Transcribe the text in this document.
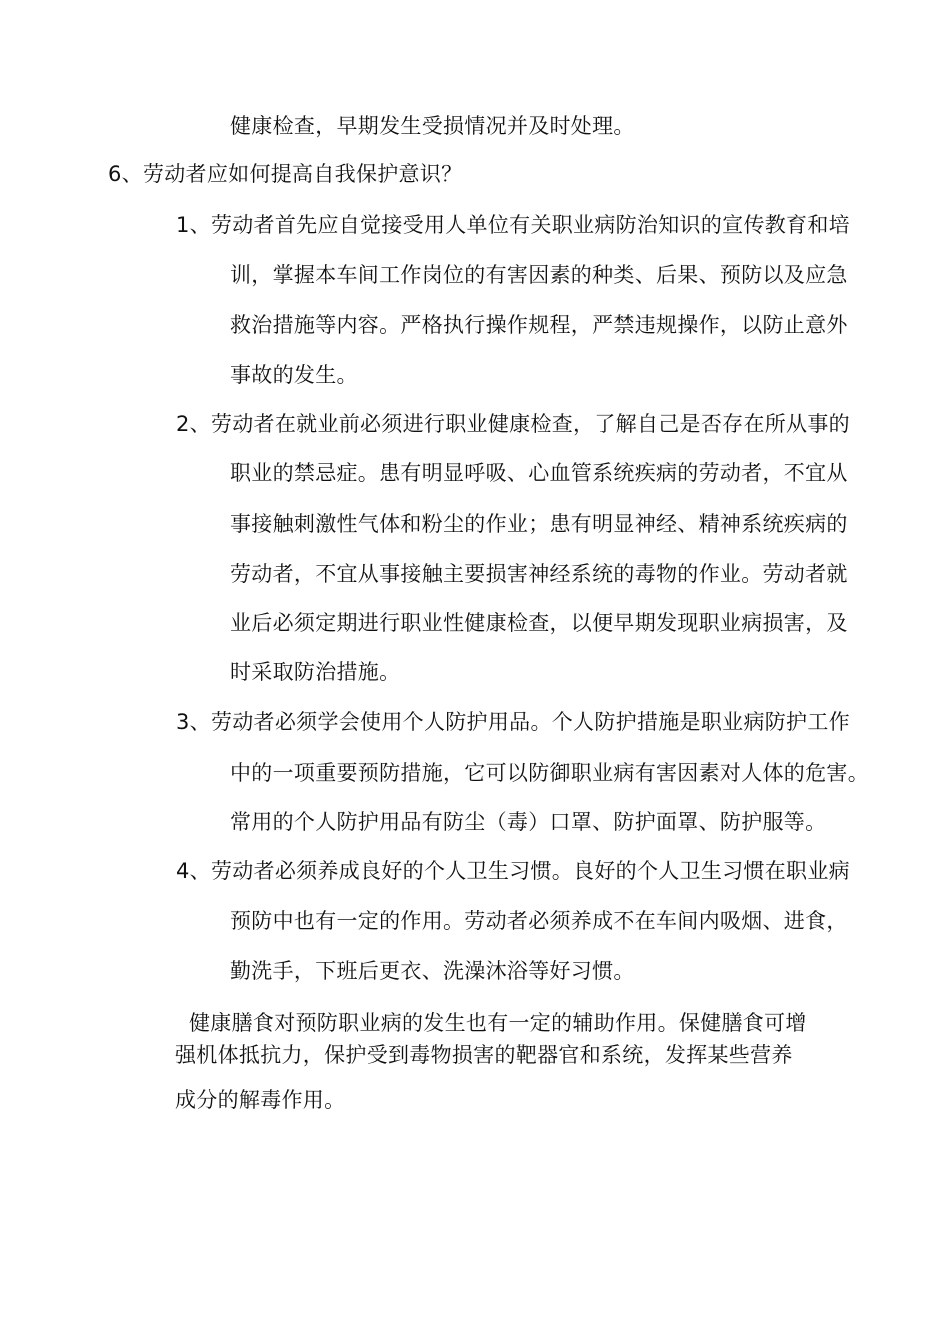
健康检查，早期发生受损情况并及时处理。
6、劳动者应如何提高自我保护意识？
1、劳动者首先应自觉接受用人单位有关职业病防治知识的宣传教育和培
训，掌握本车间工作岗位的有害因素的种类、后果、预防以及应急
救治措施等内容。严格执行操作规程，严禁违规操作，以防止意外
事故的发生。
2、劳动者在就业前必须进行职业健康检查，了解自己是否存在所从事的
职业的禁忌症。患有明显呼吸、心血管系统疾病的劳动者，不宜从
事接触刺激性气体和粉尘的作业；患有明显神经、精神系统疾病的
劳动者，不宜从事接触主要损害神经系统的毒物的作业。劳动者就
业后必须定期进行职业性健康检查，以便早期发现职业病损害，及
时采取防治措施。
3、劳动者必须学会使用个人防护用品。个人防护措施是职业病防护工作
中的一项重要预防措施，它可以防御职业病有害因素对人体的危害。
常用的个人防护用品有防尘（毒）口罩、防护面罩、防护服等。
4、劳动者必须养成良好的个人卫生习惯。良好的个人卫生习惯在职业病
预防中也有一定的作用。劳动者必须养成不在车间内吸烟、进食，
勤洗手，下班后更衣、洗澡沐浴等好习惯。
健康膳食对预防职业病的发生也有一定的辅助作用。保健膳食可增
强机体抵抗力，保护受到毒物损害的靶器官和系统，发挥某些营养
成分的解毒作用。
